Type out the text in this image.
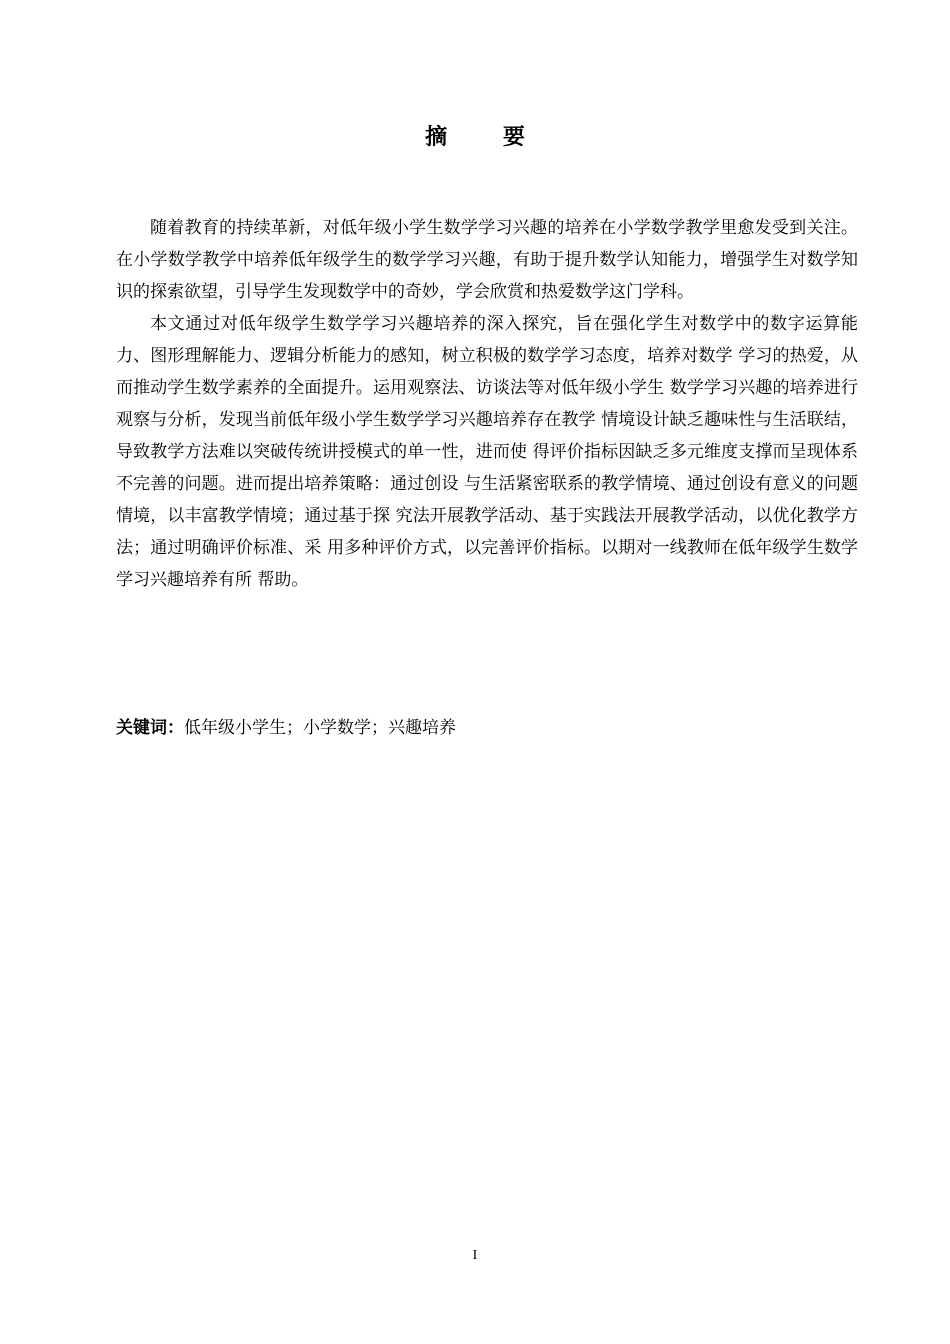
摘 要

随着教育的持续革新，对低年级小学生数学学习兴趣的培养在小学数学教学里愈发受到关注。在小学数学教学中培养低年级学生的数学学习兴趣，有助于提升数学认知能力，增强学生对数学知识的探索欲望，引导学生发现数学中的奇妙，学会欣赏和热爱数学这门学科。

本文通过对低年级学生数学学习兴趣培养的深入探究，旨在强化学生对数学中的数字运算能力、图形理解能力、逻辑分析能力的感知，树立积极的数学学习态度，培养对数学 学习的热爱，从而推动学生数学素养的全面提升。运用观察法、访谈法等对低年级小学生 数学学习兴趣的培养进行观察与分析，发现当前低年级小学生数学学习兴趣培养存在教学 情境设计缺乏趣味性与生活联结，导致教学方法难以突破传统讲授模式的单一性，进而使 得评价指标因缺乏多元维度支撑而呈现体系不完善的问题。进而提出培养策略：通过创设 与生活紧密联系的教学情境、通过创设有意义的问题情境，以丰富教学情境；通过基于探 究法开展教学活动、基于实践法开展教学活动，以优化教学方法；通过明确评价标准、采 用多种评价方式，以完善评价指标。以期对一线教师在低年级学生数学学习兴趣培养有所 帮助。

关键词：低年级小学生；小学数学；兴趣培养
I
